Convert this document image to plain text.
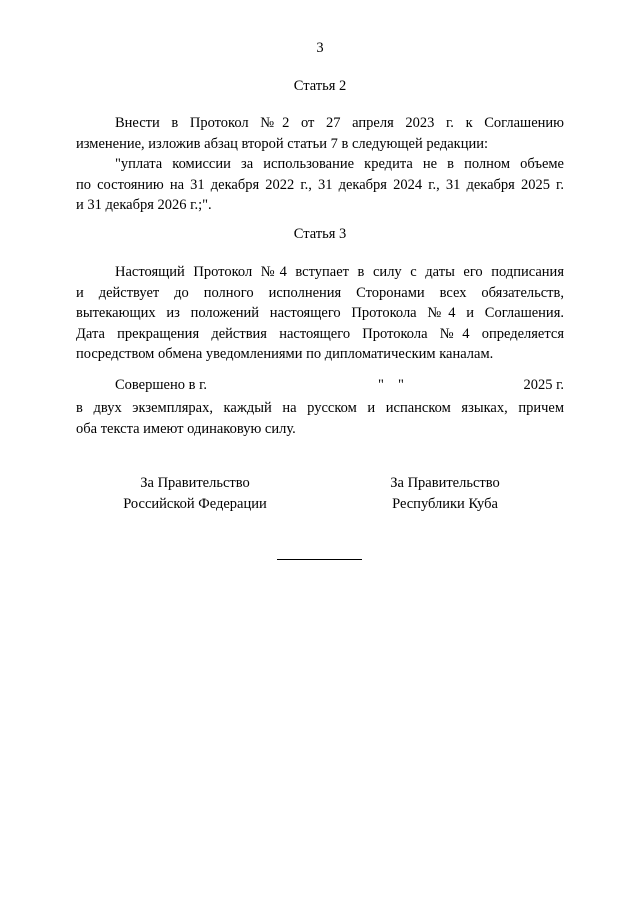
3
Статья 2
Внести в Протокол №2 от 27 апреля 2023 г. к Соглашению
изменение, изложив абзац второй статьи 7 в следующей редакции:
"уплата комиссии за использование кредита не в полном объеме
по состоянию на 31 декабря 2022 г., 31 декабря 2024 г., 31 декабря 2025 г.
и 31 декабря 2026 г.;".
Статья 3
Настоящий Протокол №4 вступает в силу с даты его подписания
и действует до полного исполнения Сторонами всех обязательств,
вытекающих из положений настоящего Протокола №4 и Соглашения.
Дата прекращения действия настоящего Протокола №4 определяется
посредством обмена уведомлениями по дипломатическим каналам.
Совершено в г.	" "	2025 г.
в двух экземплярах, каждый на русском и испанском языках, причем
оба текста имеют одинаковую силу.
За Правительство
Российской Федерации
За Правительство
Республики Куба
